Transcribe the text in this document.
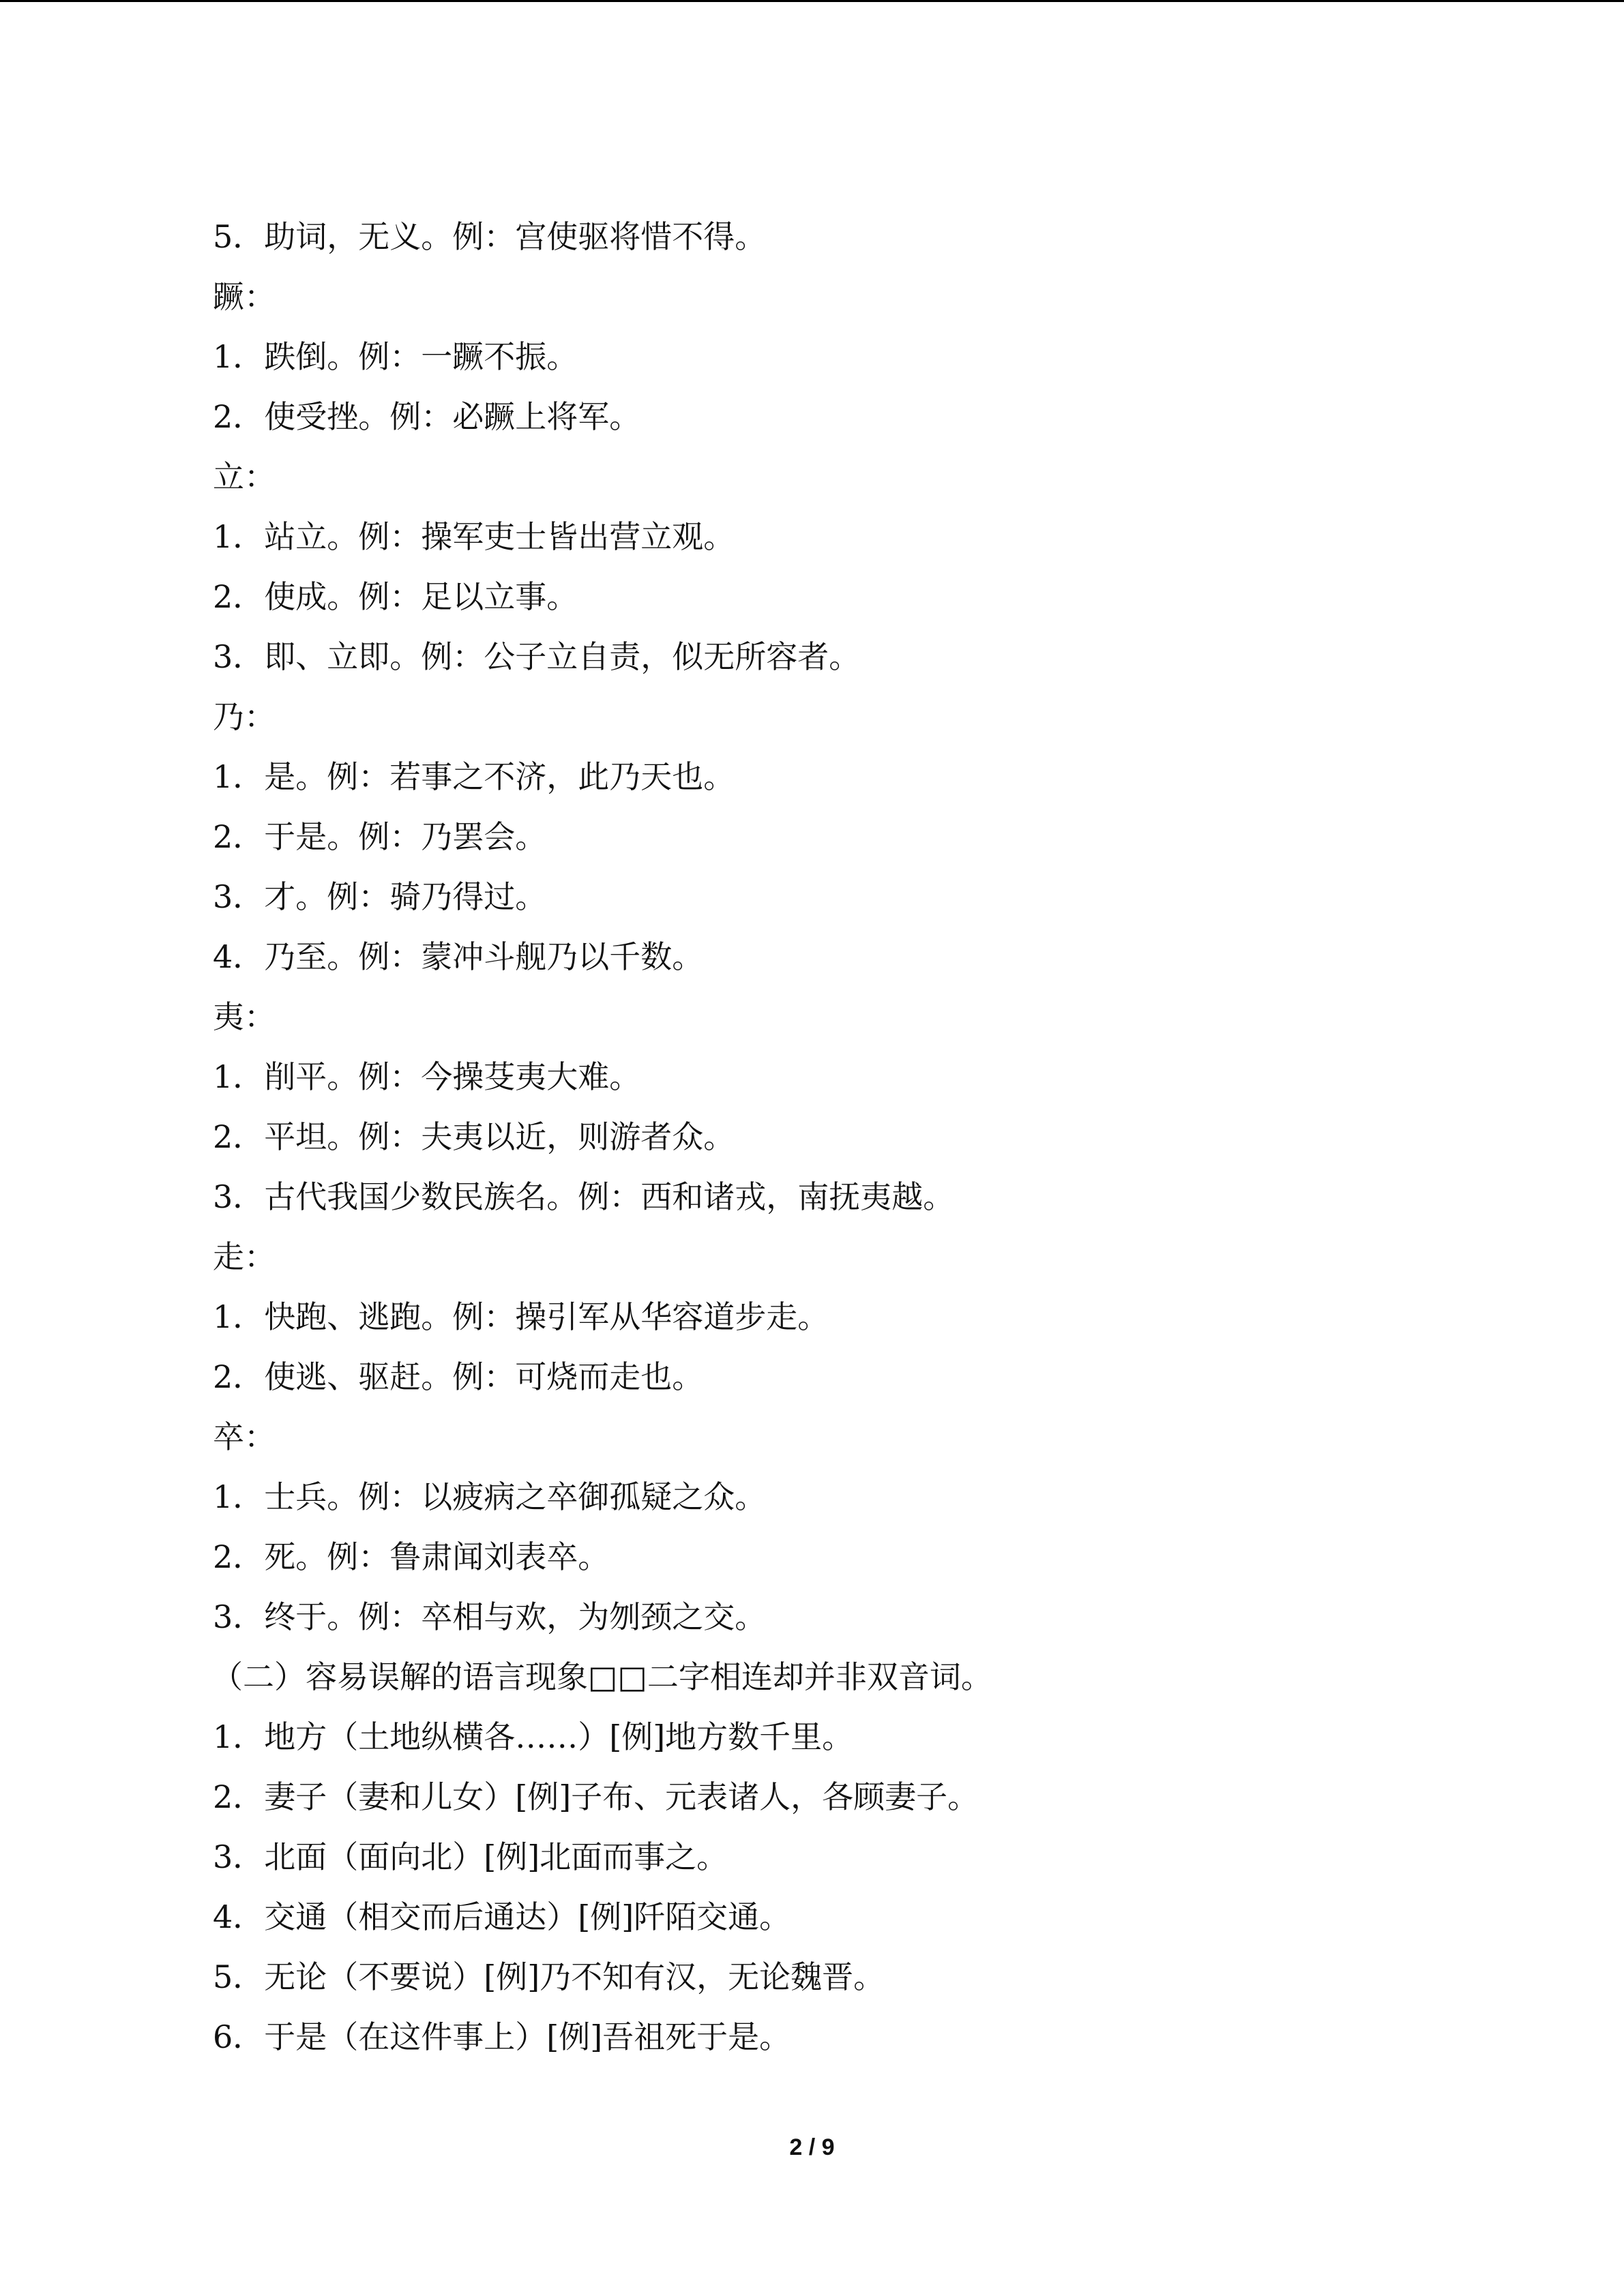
5．助词，无义。例：宫使驱将惜不得。
蹶：
1．跌倒。例：一蹶不振。
2．使受挫。例：必蹶上将军。
立：
1．站立。例：操军吏士皆出营立观。
2．使成。例：足以立事。
3．即、立即。例：公子立自责，似无所容者。
乃：
1．是。例：若事之不济，此乃天也。
2．于是。例：乃罢会。
3．才。例：骑乃得过。
4．乃至。例：蒙冲斗舰乃以千数。
夷：
1．削平。例：今操芟夷大难。
2．平坦。例：夫夷以近，则游者众。
3．古代我国少数民族名。例：西和诸戎，南抚夷越。
走：
1．快跑、逃跑。例：操引军从华容道步走。
2．使逃、驱赶。例：可烧而走也。
卒：
1．士兵。例：以疲病之卒御孤疑之众。
2．死。例：鲁肃闻刘表卒。
3．终于。例：卒相与欢，为刎颈之交。
（二）容易误解的语言现象□□二字相连却并非双音词。
1．地方（土地纵横各……）[例]地方数千里。
2．妻子（妻和儿女）[例]子布、元表诸人，各顾妻子。
3．北面（面向北）[例]北面而事之。
4．交通（相交而后通达）[例]阡陌交通。
5．无论（不要说）[例]乃不知有汉，无论魏晋。
6．于是（在这件事上）[例]吾祖死于是。
2 / 9
